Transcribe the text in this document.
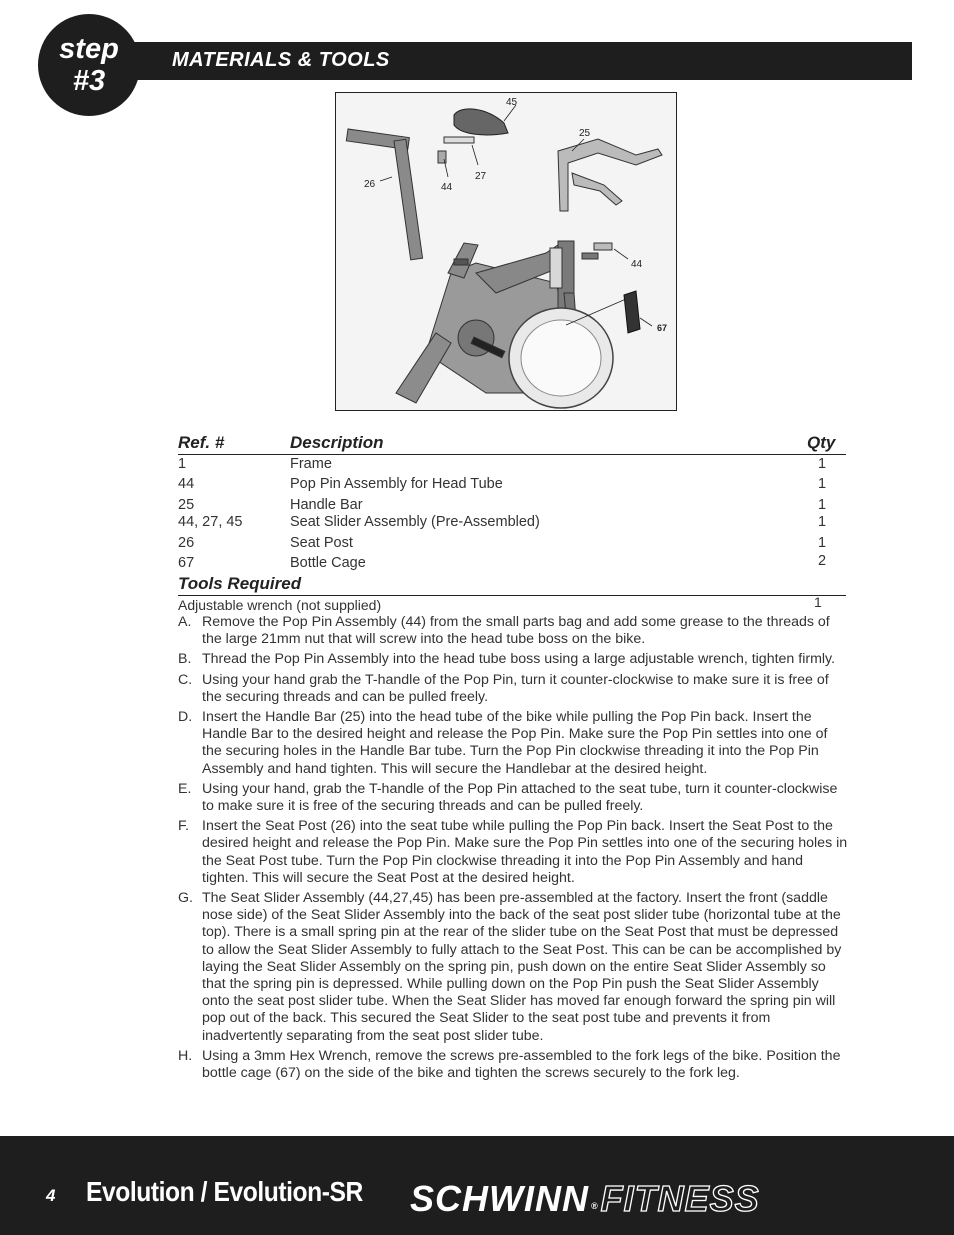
step
#3
MATERIALS & TOOLS
45
25
26	44
27
44
67
Ref. #	Description	Qty
1	Frame	1
44	Pop Pin Assembly for Head Tube	1
25	Handle Bar	1
44, 27, 45	Seat Slider Assembly (Pre-Assembled)	1
26	Seat Post	1
67	Bottle Cage	2
Tools Required
Adjustable wrench (not supplied)	1
A. Remove the Pop Pin Assembly (44) from the small parts bag and add some grease to the threads of the large 21mm nut that will screw into the head tube boss on the bike.
B. Thread the Pop Pin Assembly into the head tube boss using a large adjustable wrench, tighten firmly.
C. Using your hand grab the T-handle of the Pop Pin, turn it counter-clockwise to make sure it is free of the securing threads and can be pulled freely.
D. Insert the Handle Bar (25) into the head tube of the bike while pulling the Pop Pin back. Insert the Handle Bar to the desired height and release the Pop Pin. Make sure the Pop Pin settles into one of the securing holes in the Handle Bar tube. Turn the Pop Pin clockwise threading it into the Pop Pin Assembly and hand tighten. This will secure the Handlebar at the desired height.
E. Using your hand, grab the T-handle of the Pop Pin attached to the seat tube, turn it counter-clockwise to make sure it is free of the securing threads and can be pulled freely.
F. Insert the Seat Post (26) into the seat tube while pulling the Pop Pin back. Insert the Seat Post to the desired height and release the Pop Pin. Make sure the Pop Pin settles into one of the securing holes in the Seat Post tube. Turn the Pop Pin clockwise threading it into the Pop Pin Assembly and hand tighten. This will secure the Seat Post at the desired height.
G. The Seat Slider Assembly (44,27,45) has been pre-assembled at the factory. Insert the front (saddle nose side) of the Seat Slider Assembly into the back of the seat post slider tube (horizontal tube at the top). There is a small spring pin at the rear of the slider tube on the Seat Post that must be depressed to allow the Seat Slider Assembly to fully attach to the Seat Post. This can be can be accomplished by laying the Seat Slider Assembly on the spring pin, push down on the entire Seat Slider Assembly so that the spring pin is depressed. While pulling down on the Pop Pin push the Seat Slider Assembly onto the seat post slider tube. When the Seat Slider has moved far enough forward the spring pin will pop out of the back. This secured the Seat Slider to the seat post tube and prevents it from inadvertently separating from the seat post slider tube.
H. Using a 3mm Hex Wrench, remove the screws pre-assembled to the fork legs of the bike. Position the bottle cage (67) on the side of the bike and tighten the screws securely to the fork leg.
4 Evolution / Evolution-SR SCHWINN ®FITNESS
